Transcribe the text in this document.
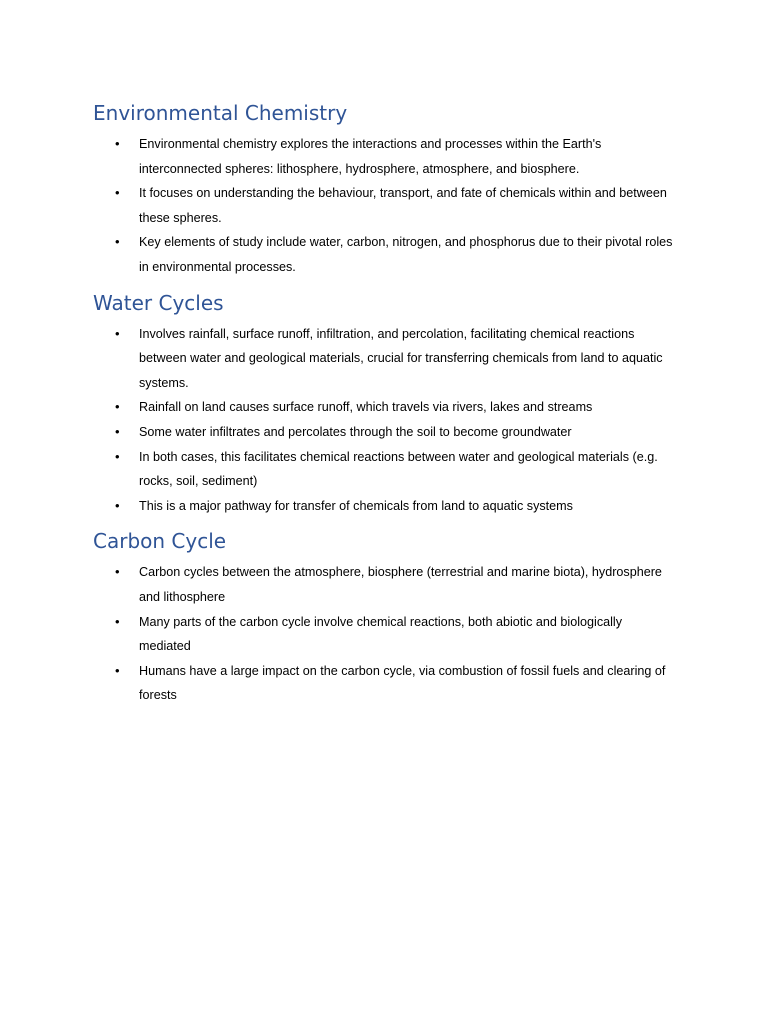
Environmental Chemistry
• Environmental chemistry explores the interactions and processes within the Earth's interconnected spheres: lithosphere, hydrosphere, atmosphere, and biosphere.
• It focuses on understanding the behaviour, transport, and fate of chemicals within and between these spheres.
• Key elements of study include water, carbon, nitrogen, and phosphorus due to their pivotal roles in environmental processes.
Water Cycles
• Involves rainfall, surface runoff, infiltration, and percolation, facilitating chemical reactions between water and geological materials, crucial for transferring chemicals from land to aquatic systems.
• Rainfall on land causes surface runoff, which travels via rivers, lakes and streams
• Some water infiltrates and percolates through the soil to become groundwater
• In both cases, this facilitates chemical reactions between water and geological materials (e.g. rocks, soil, sediment)
• This is a major pathway for transfer of chemicals from land to aquatic systems
Carbon Cycle
• Carbon cycles between the atmosphere, biosphere (terrestrial and marine biota), hydrosphere and lithosphere
• Many parts of the carbon cycle involve chemical reactions, both abiotic and biologically mediated
• Humans have a large impact on the carbon cycle, via combustion of fossil fuels and clearing of forests
